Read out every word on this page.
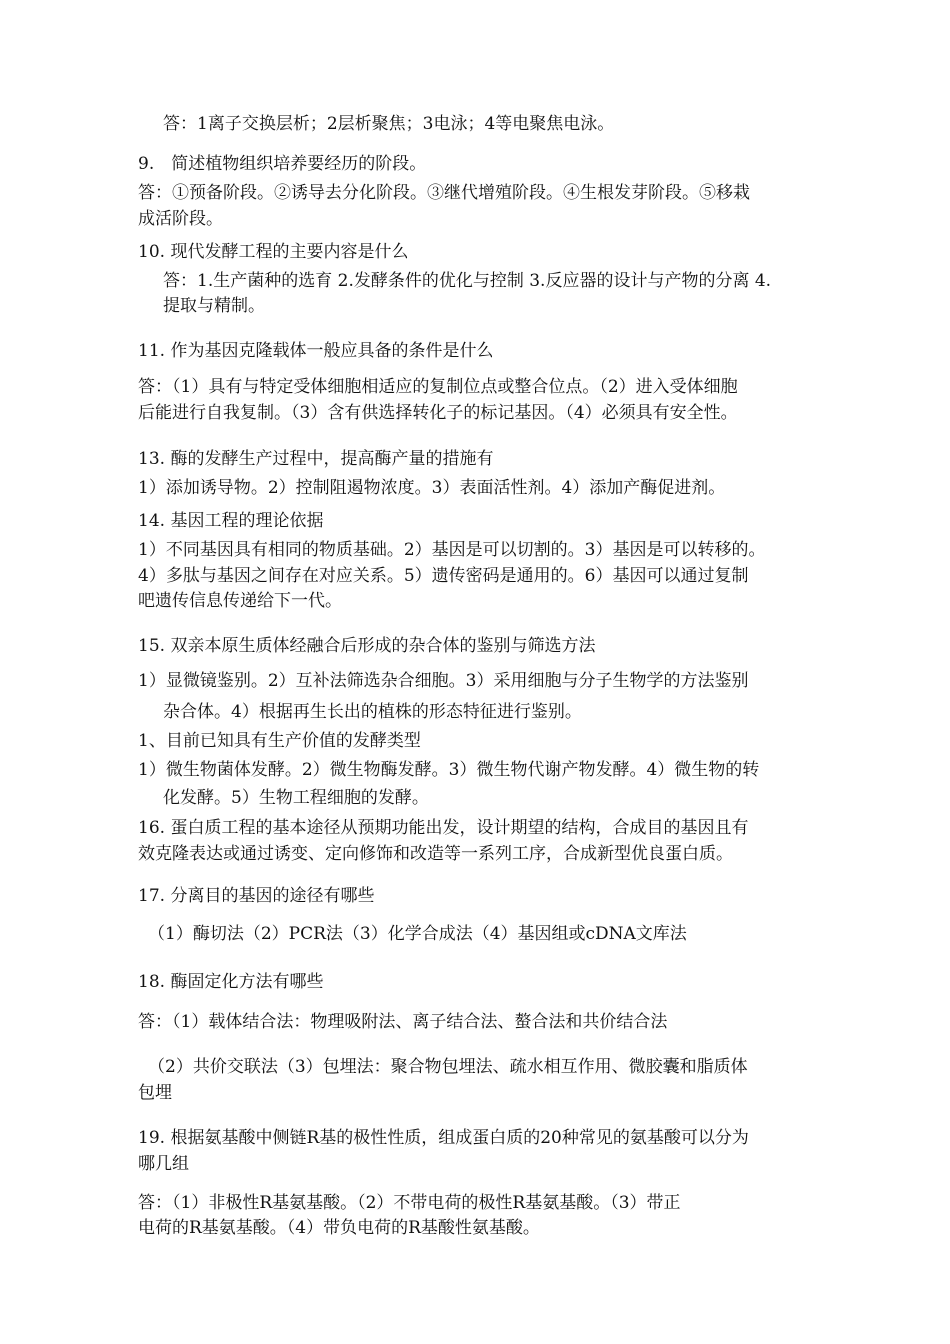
答：1离子交换层析；2层析聚焦；3电泳；4等电聚焦电泳。
9.　简述植物组织培养要经历的阶段。
答：①预备阶段。②诱导去分化阶段。③继代增殖阶段。④生根发芽阶段。⑤移栽
成活阶段。
10. 现代发酵工程的主要内容是什么
答：1.生产菌种的选育 2.发酵条件的优化与控制 3.反应器的设计与产物的分离 4.
提取与精制。
11. 作为基因克隆载体一般应具备的条件是什么
答：（1）具有与特定受体细胞相适应的复制位点或整合位点。（2）进入受体细胞
后能进行自我复制。（3）含有供选择转化子的标记基因。（4）必须具有安全性。
13. 酶的发酵生产过程中，提高酶产量的措施有
1）添加诱导物。2）控制阻遏物浓度。3）表面活性剂。4）添加产酶促进剂。
14. 基因工程的理论依据
1）不同基因具有相同的物质基础。2）基因是可以切割的。3）基因是可以转移的。
4）多肽与基因之间存在对应关系。5）遗传密码是通用的。6）基因可以通过复制
吧遗传信息传递给下一代。
15. 双亲本原生质体经融合后形成的杂合体的鉴别与筛选方法
1）显微镜鉴别。2）互补法筛选杂合细胞。3）采用细胞与分子生物学的方法鉴别
杂合体。4）根据再生长出的植株的形态特征进行鉴别。
1、目前已知具有生产价值的发酵类型
1）微生物菌体发酵。2）微生物酶发酵。3）微生物代谢产物发酵。4）微生物的转
化发酵。5）生物工程细胞的发酵。
16. 蛋白质工程的基本途径从预期功能出发，设计期望的结构，合成目的基因且有
效克隆表达或通过诱变、定向修饰和改造等一系列工序，合成新型优良蛋白质。
17. 分离目的基因的途径有哪些
（1）酶切法（2）PCR法（3）化学合成法（4）基因组或cDNA文库法
18. 酶固定化方法有哪些
答：（1）载体结合法：物理吸附法、离子结合法、螯合法和共价结合法
（2）共价交联法（3）包埋法：聚合物包埋法、疏水相互作用、微胶囊和脂质体
包埋
19. 根据氨基酸中侧链R基的极性性质，组成蛋白质的20种常见的氨基酸可以分为
哪几组
答：（1）非极性R基氨基酸。（2）不带电荷的极性R基氨基酸。（3）带正
电荷的R基氨基酸。（4）带负电荷的R基酸性氨基酸。
